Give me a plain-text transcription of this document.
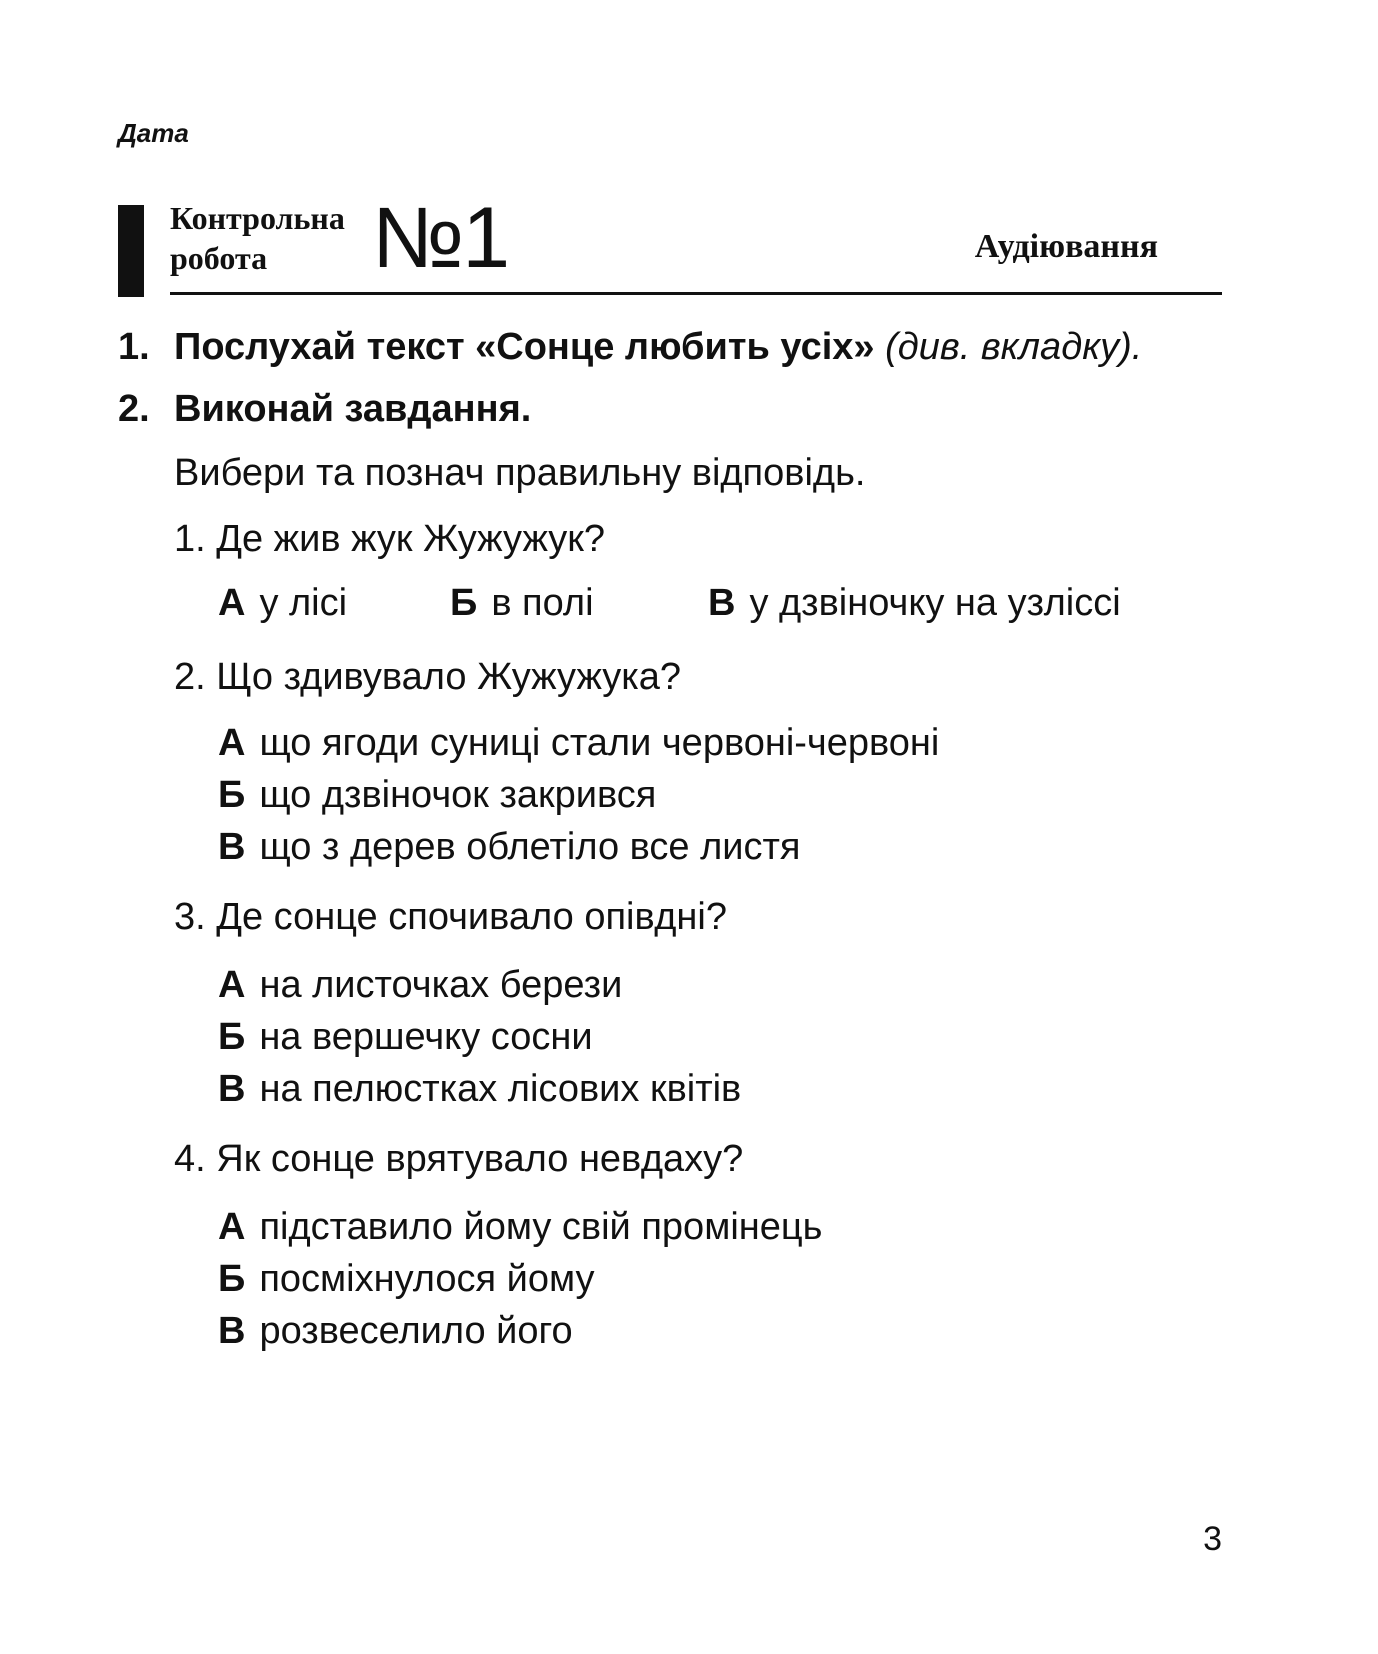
Дата
Контрольна
робота	№1	Аудіювання
1. Послухай текст «Сонце любить усіх» (див. вкладку).
2. Виконай завдання.
Вибери та познач правильну відповідь.
1. Де жив жук Жужужук?
А у лісі	Б в полі	В у дзвіночку на узліссі
2. Що здивувало Жужужука?
А що ягоди суниці стали червоні-червоні
Б що дзвіночок закрився
В що з дерев облетіло все листя
3. Де сонце спочивало опівдні?
А на листочках берези
Б на вершечку сосни
В на пелюстках лісових квітів
4. Як сонце врятувало невдаху?
А підставило йому свій промінець
Б посміхнулося йому
В розвеселило його
3
